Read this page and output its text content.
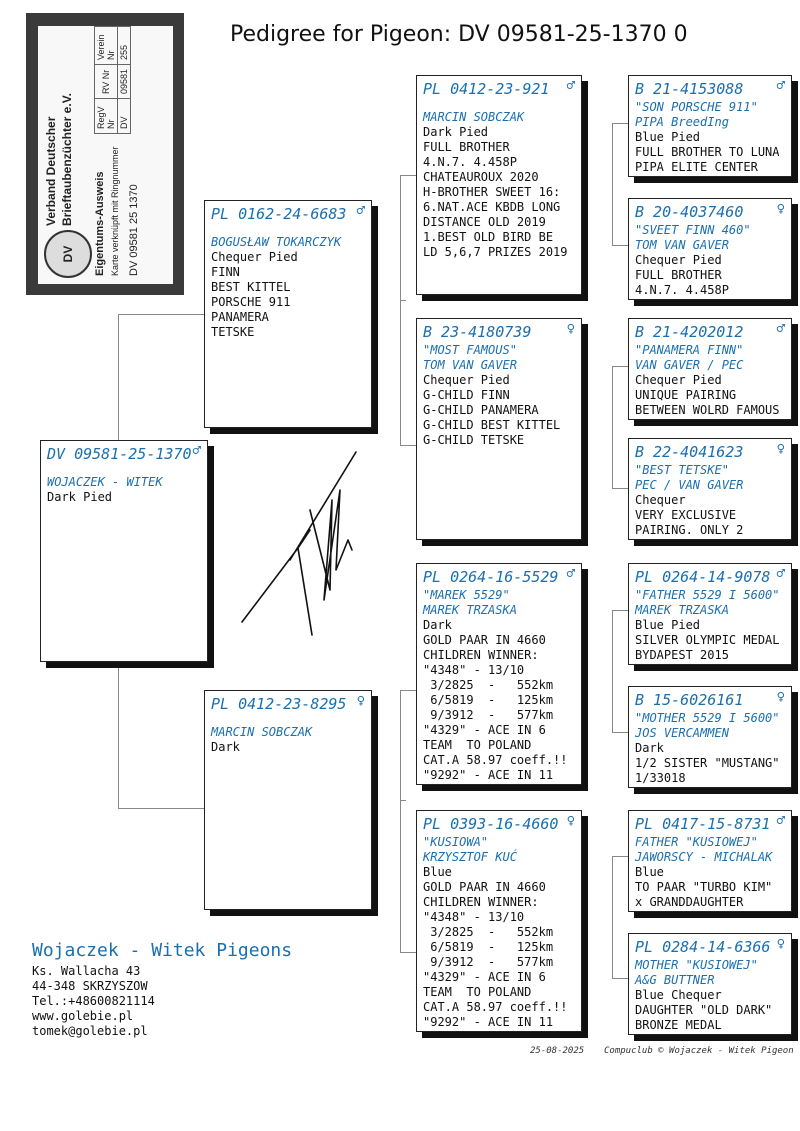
Pedigree for Pigeon: DV 09581-25-1370 0
DV
Verband Deutscher Brieftaubenzüchter e.V. Eigentums-Ausweis Karte verknüpft mit Ringnummer DV 09581 25 1370
RegV Nr	RV Nr	Verein Nr
DV	09581	255
DV 09581-25-1370 ♂
WOJACZEK - WITEK
Dark Pied
PL 0162-24-6683 ♂
BOGUSŁAW TOKARCZYK
Chequer Pied
FINN
BEST KITTEL
PORSCHE 911
PANAMERA
TETSKE
PL 0412-23-8295 ♀
MARCIN SOBCZAK
Dark
PL 0412-23-921 ♂
MARCIN SOBCZAK
Dark Pied
FULL BROTHER
4.N.7. 4.458P
CHATEAUROUX 2020
H-BROTHER SWEET 16:
6.NAT.ACE KBDB LONG
DISTANCE OLD 2019
1.BEST OLD BIRD BE
LD 5,6,7 PRIZES 2019
B 23-4180739	♀
"MOST FAMOUS"
TOM VAN GAVER
Chequer Pied
G-CHILD FINN
G-CHILD PANAMERA
G-CHILD BEST KITTEL
G-CHILD TETSKE
PL 0264-16-5529 ♂
"MAREK 5529"
MAREK TRZASKA
Dark
GOLD PAAR IN 4660
CHILDREN WINNER:
"4348" - 13/10
3/2825  -   552km
6/5819  -   125km
9/3912  -   577km
"4329" - ACE IN 6
TEAM  TO POLAND
CAT.A 58.97 coeff.!!
"9292" - ACE IN 11
PL 0393-16-4660 ♀
"KUSIOWA"
KRZYSZTOF KUĆ
Blue
GOLD PAAR IN 4660
CHILDREN WINNER:
"4348" - 13/10
3/2825  -   552km
6/5819  -   125km
9/3912  -   577km
"4329" - ACE IN 6
TEAM  TO POLAND
CAT.A 58.97 coeff.!!
"9292" - ACE IN 11
B 21-4153088 ♂
"SON PORSCHE 911"
PIPA BreedIng
Blue Pied
FULL BROTHER TO LUNA
PIPA ELITE CENTER
B 20-4037460 ♀
"SVEET FINN 460"
TOM VAN GAVER
Chequer Pied
FULL BROTHER
4.N.7. 4.458P
B 21-4202012 ♂
"PANAMERA FINN"
VAN GAVER / PEC
Chequer Pied
UNIQUE PAIRING
BETWEEN WOLRD FAMOUS
B 22-4041623 ♀
"BEST TETSKE"
PEC / VAN GAVER
Chequer
VERY EXCLUSIVE
PAIRING. ONLY 2
PL 0264-14-9078 ♂
"FATHER 5529 I 5600"
MAREK TRZASKA
Blue Pied
SILVER OLYMPIC MEDAL
BYDAPEST 2015
B 15-6026161 ♀
"MOTHER 5529 I 5600"
JOS VERCAMMEN
Dark
1/2 SISTER "MUSTANG"
1/33018
PL 0417-15-8731 ♂
FATHER "KUSIOWEJ"
JAWORSCY - MICHALAK
Blue
TO PAAR "TURBO KIM"
x GRANDDAUGHTER
PL 0284-14-6366 ♀
MOTHER "KUSIOWEJ"
A&G BUTTNER
Blue Chequer
DAUGHTER "OLD DARK"
BRONZE MEDAL
Wojaczek - Witek Pigeons
Ks. Wallacha 43
44-348 SKRZYSZOW
Tel.:+48600821114
www.golebie.pl
tomek@golebie.pl
25-08-2025 Compuclub © Wojaczek - Witek Pigeon
